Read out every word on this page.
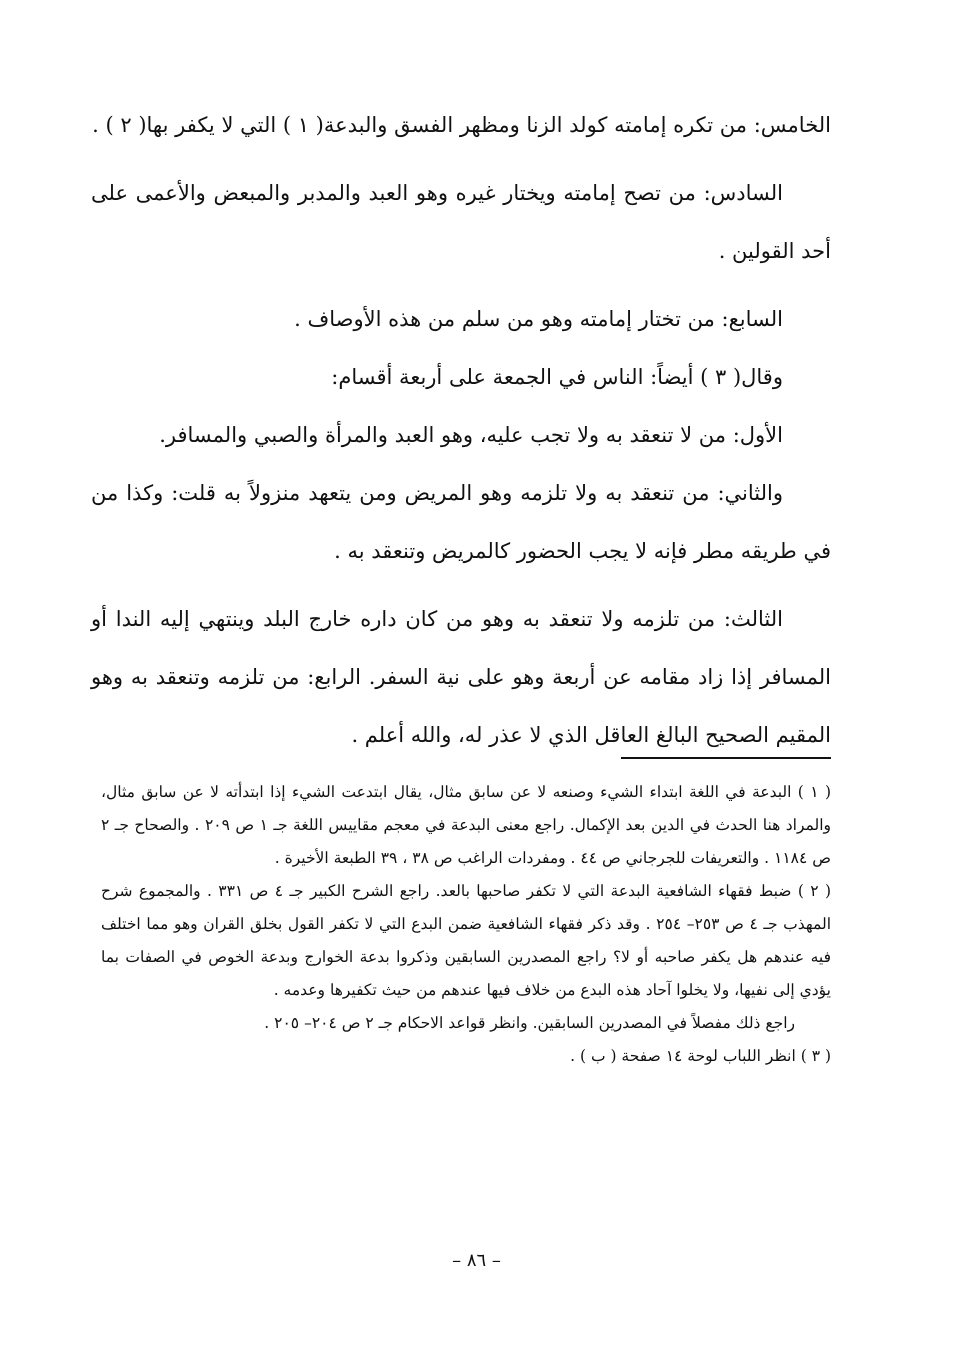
الخامس: من تكره إمامته كولد الزنا ومظهر الفسق والبدعة( ١ ) التي لا يكفر بها( ٢ ) .

السادس: من تصح إمامته ويختار غيره وهو العبد والمدبر والمبعض والأعمى على أحد القولين .

السابع: من تختار إمامته وهو من سلم من هذه الأوصاف .

وقال( ٣ ) أيضاً: الناس في الجمعة على أربعة أقسام:

الأول: من لا تنعقد به ولا تجب عليه، وهو العبد والمرأة والصبي والمسافر.

والثاني: من تنعقد به ولا تلزمه وهو المريض ومن يتعهد منزولاً به قلت: وكذا من في طريقه مطر فإنه لا يجب الحضور كالمريض وتنعقد به .

الثالث: من تلزمه ولا تنعقد به وهو من كان داره خارج البلد وينتهي إليه الندا أو المسافر إذا زاد مقامه عن أربعة وهو على نية السفر. الرابع: من تلزمه وتنعقد به وهو المقيم الصحيح البالغ العاقل الذي لا عذر له، والله أعلم .

( ١ ) البدعة في اللغة ابتداء الشيء وصنعه لا عن سابق مثال، يقال ابتدعت الشيء إذا ابتدأته لا عن سابق مثال، والمراد هنا الحدث في الدين بعد الإكمال. راجع معنى البدعة في معجم مقاييس اللغة جـ ١ ص ٢٠٩ . والصحاح جـ ٢ ص ١١٨٤ . والتعريفات للجرجاني ص ٤٤ . ومفردات الراغب ص ٣٨ ، ٣٩ الطبعة الأخيرة .

( ٢ ) ضبط فقهاء الشافعية البدعة التي لا تكفر صاحبها بالعد. راجع الشرح الكبير جـ ٤ ص ٣٣١ . والمجموع شرح المهذب جـ ٤ ص ٢٥٣– ٢٥٤ . وقد ذكر فقهاء الشافعية ضمن البدع التي لا تكفر القول بخلق القران وهو مما اختلف فيه عندهم هل يكفر صاحبه أو لا؟ راجع المصدرين السابقين وذكروا بدعة الخوارج وبدعة الخوص في الصفات بما يؤدي إلى نفيها، ولا يخلوا آحاد هذه البدع من خلاف فيها عندهم من حيث تكفيرها وعدمه .

راجع ذلك مفصلاً في المصدرين السابقين. وانظر قواعد الاحكام جـ ٢ ص ٢٠٤– ٢٠٥ .

( ٣ ) انظر اللباب لوحة ١٤ صفحة ( ب ) .

– ٨٦ –
